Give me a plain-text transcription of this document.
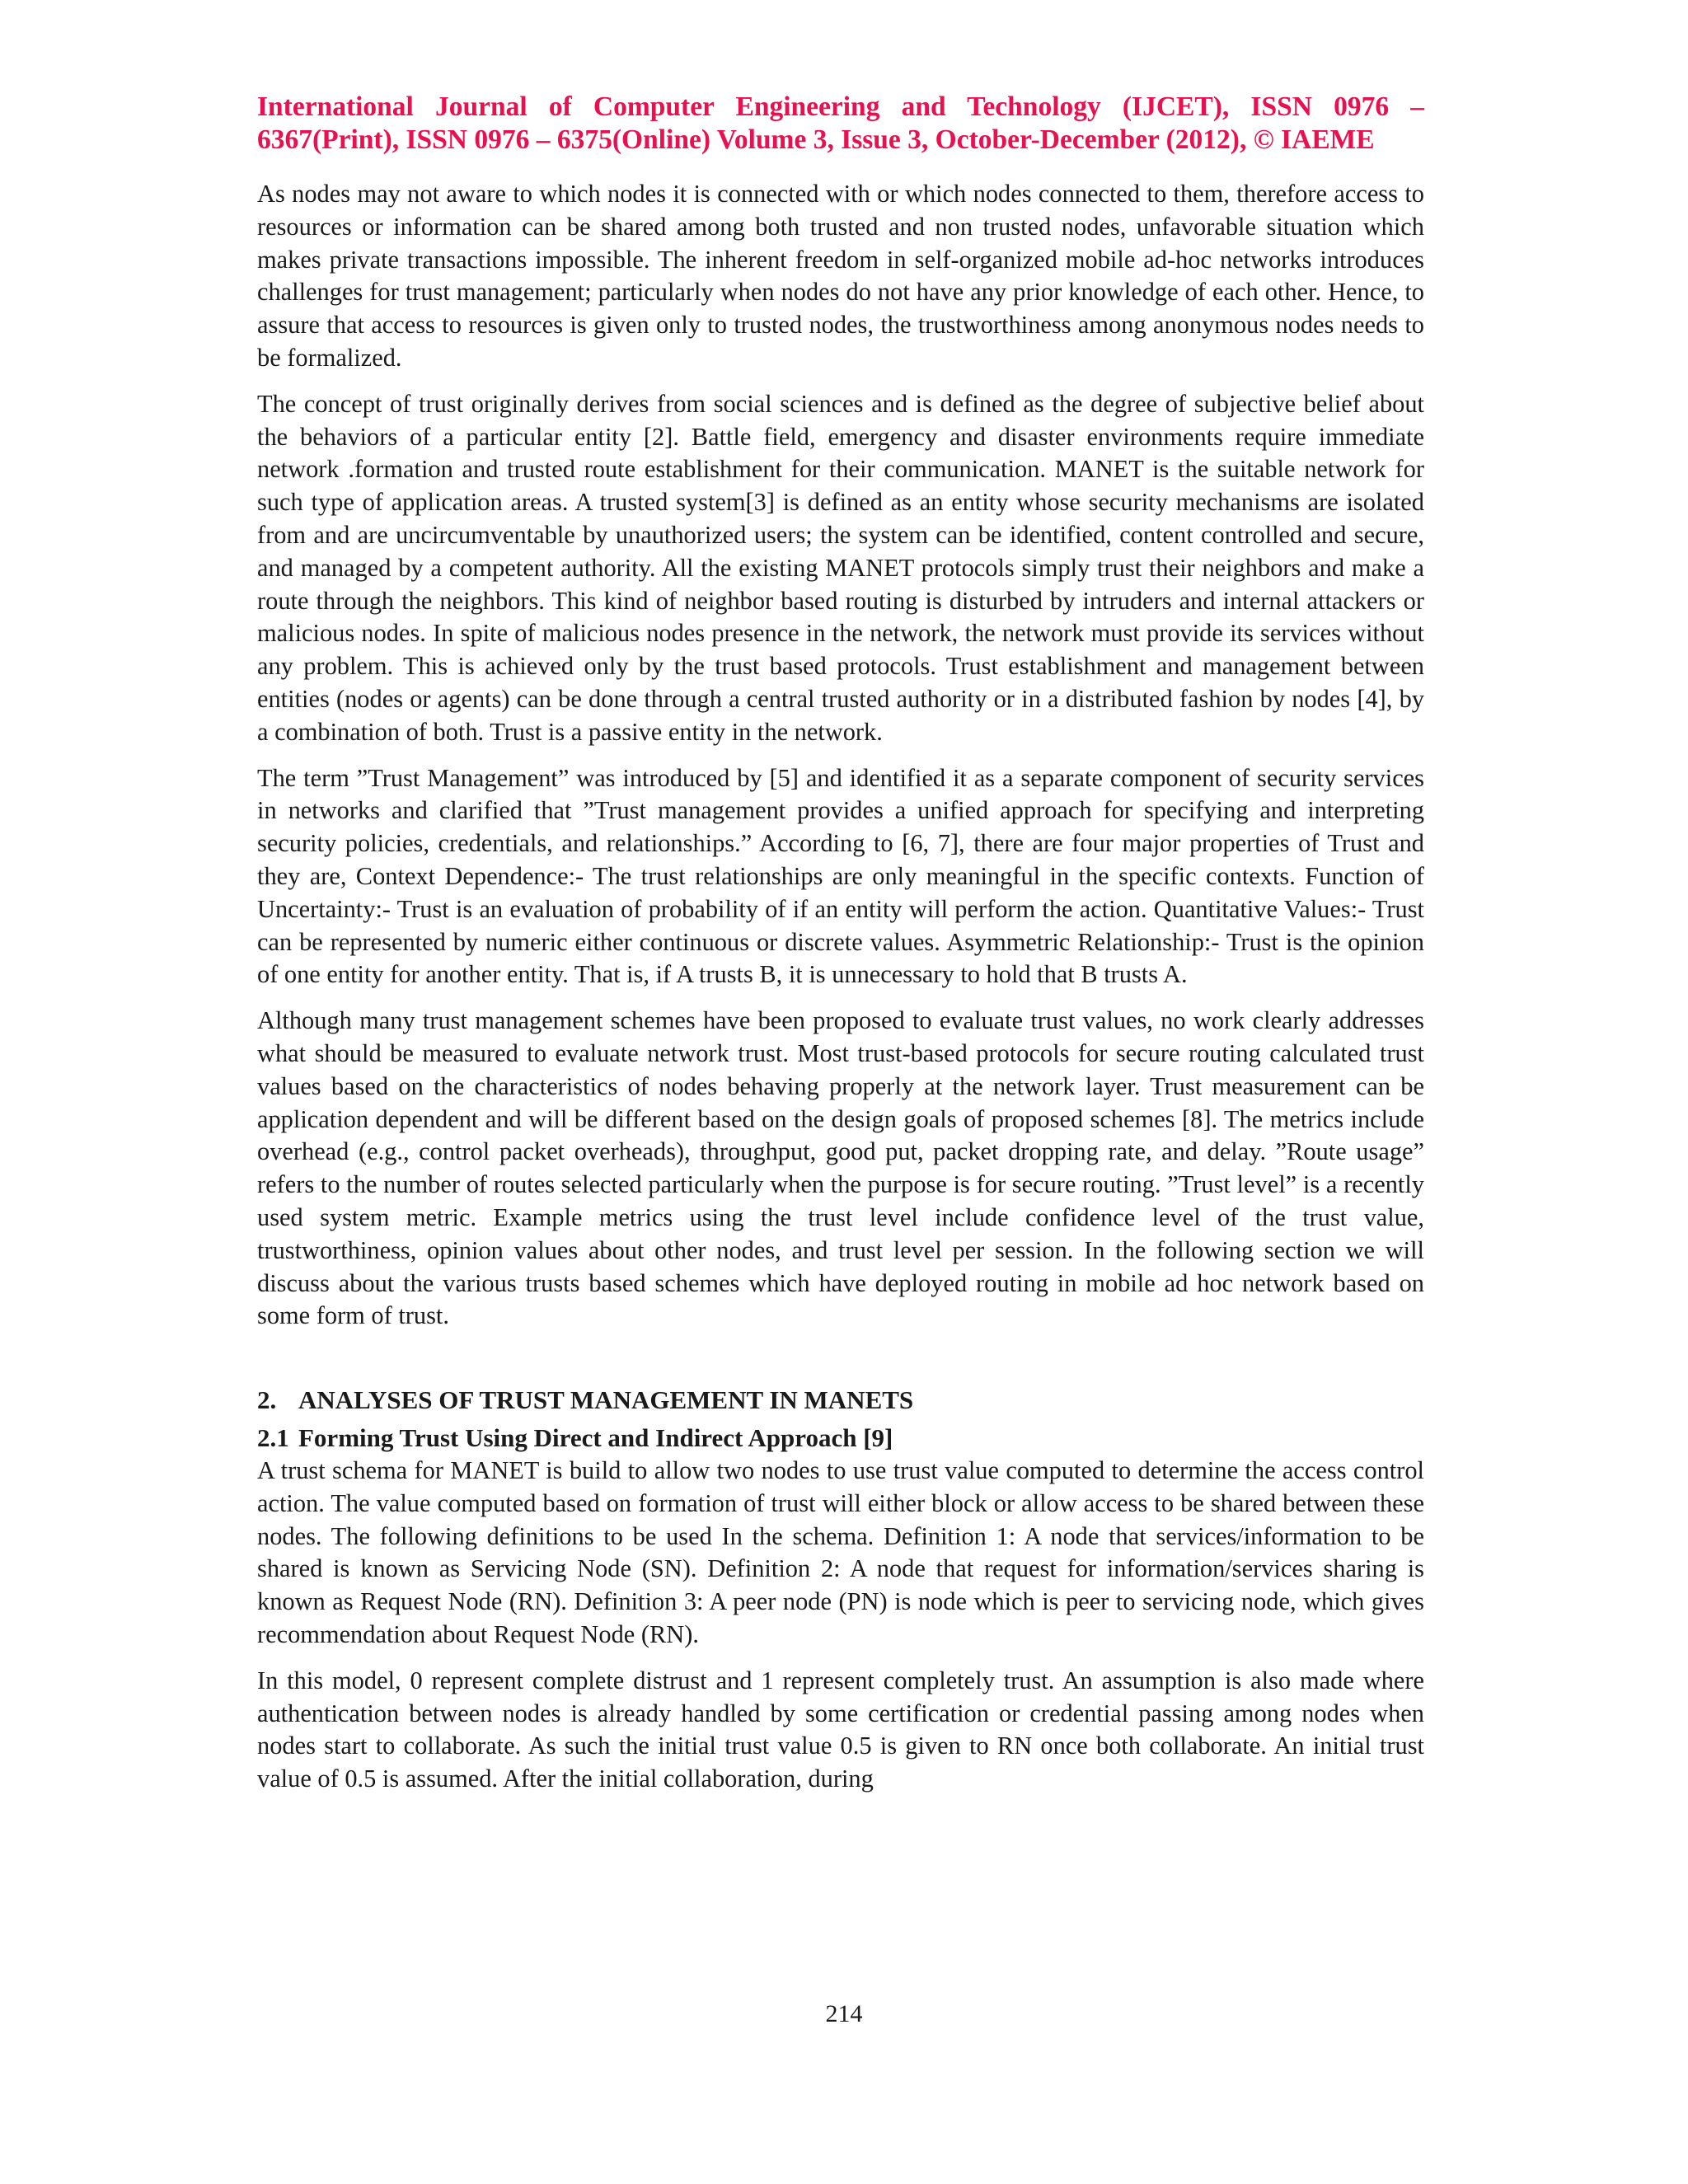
International Journal of Computer Engineering and Technology (IJCET), ISSN 0976 – 6367(Print), ISSN 0976 – 6375(Online) Volume 3, Issue 3, October-December (2012), © IAEME

As nodes may not aware to which nodes it is connected with or which nodes connected to them, therefore access to resources or information can be shared among both trusted and non trusted nodes, unfavorable situation which makes private transactions impossible. The inherent freedom in self-organized mobile ad-hoc networks introduces challenges for trust management; particularly when nodes do not have any prior knowledge of each other. Hence, to assure that access to resources is given only to trusted nodes, the trustworthiness among anonymous nodes needs to be formalized.

The concept of trust originally derives from social sciences and is defined as the degree of subjective belief about the behaviors of a particular entity [2]. Battle field, emergency and disaster environments require immediate network .formation and trusted route establishment for their communication. MANET is the suitable network for such type of application areas. A trusted system[3] is defined as an entity whose security mechanisms are isolated from and are uncircumventable by unauthorized users; the system can be identified, content controlled and secure, and managed by a competent authority. All the existing MANET protocols simply trust their neighbors and make a route through the neighbors. This kind of neighbor based routing is disturbed by intruders and internal attackers or malicious nodes. In spite of malicious nodes presence in the network, the network must provide its services without any problem. This is achieved only by the trust based protocols. Trust establishment and management between entities (nodes or agents) can be done through a central trusted authority or in a distributed fashion by nodes [4], by a combination of both. Trust is a passive entity in the network.

The term ”Trust Management” was introduced by [5] and identified it as a separate component of security services in networks and clarified that ”Trust management provides a unified approach for specifying and interpreting security policies, credentials, and relationships.” According to [6, 7], there are four major properties of Trust and they are, Context Dependence:- The trust relationships are only meaningful in the specific contexts. Function of Uncertainty:- Trust is an evaluation of probability of if an entity will perform the action. Quantitative Values:- Trust can be represented by numeric either continuous or discrete values. Asymmetric Relationship:- Trust is the opinion of one entity for another entity. That is, if A trusts B, it is unnecessary to hold that B trusts A.

Although many trust management schemes have been proposed to evaluate trust values, no work clearly addresses what should be measured to evaluate network trust. Most trust-based protocols for secure routing calculated trust values based on the characteristics of nodes behaving properly at the network layer. Trust measurement can be application dependent and will be different based on the design goals of proposed schemes [8]. The metrics include overhead (e.g., control packet overheads), throughput, good put, packet dropping rate, and delay. ”Route usage” refers to the number of routes selected particularly when the purpose is for secure routing. ”Trust level” is a recently used system metric. Example metrics using the trust level include confidence level of the trust value, trustworthiness, opinion values about other nodes, and trust level per session. In the following section we will discuss about the various trusts based schemes which have deployed routing in mobile ad hoc network based on some form of trust.

2. ANALYSES OF TRUST MANAGEMENT IN MANETS
2.1 Forming Trust Using Direct and Indirect Approach [9]

A trust schema for MANET is build to allow two nodes to use trust value computed to determine the access control action. The value computed based on formation of trust will either block or allow access to be shared between these nodes. The following definitions to be used In the schema. Definition 1: A node that services/information to be shared is known as Servicing Node (SN). Definition 2: A node that request for information/services sharing is known as Request Node (RN). Definition 3: A peer node (PN) is node which is peer to servicing node, which gives recommendation about Request Node (RN).

In this model, 0 represent complete distrust and 1 represent completely trust. An assumption is also made where authentication between nodes is already handled by some certification or credential passing among nodes when nodes start to collaborate. As such the initial trust value 0.5 is given to RN once both collaborate. An initial trust value of 0.5 is assumed. After the initial collaboration, during

214
